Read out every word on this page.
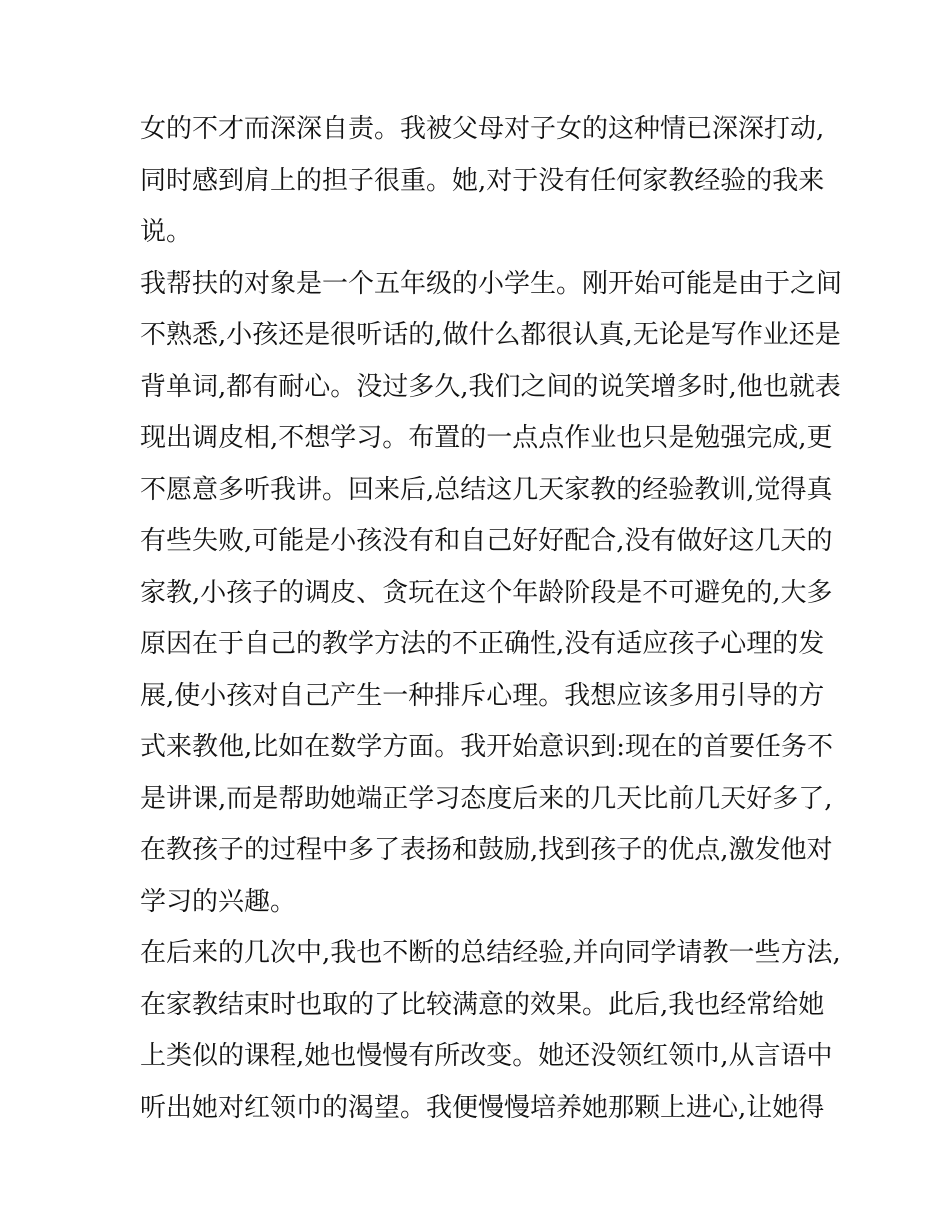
女的不才而深深自责。我被父母对子女的这种情已深深打动,
同时感到肩上的担子很重。她,对于没有任何家教经验的我来
说。
我帮扶的对象是一个五年级的小学生。刚开始可能是由于之间
不熟悉,小孩还是很听话的,做什么都很认真,无论是写作业还是
背单词,都有耐心。没过多久,我们之间的说笑增多时,他也就表
现出调皮相,不想学习。布置的一点点作业也只是勉强完成,更
不愿意多听我讲。回来后,总结这几天家教的经验教训,觉得真
有些失败,可能是小孩没有和自己好好配合,没有做好这几天的
家教,小孩子的调皮、贪玩在这个年龄阶段是不可避免的,大多
原因在于自己的教学方法的不正确性,没有适应孩子心理的发
展,使小孩对自己产生一种排斥心理。我想应该多用引导的方
式来教他,比如在数学方面。我开始意识到:现在的首要任务不
是讲课,而是帮助她端正学习态度后来的几天比前几天好多了,
在教孩子的过程中多了表扬和鼓励,找到孩子的优点,激发他对
学习的兴趣。
在后来的几次中,我也不断的总结经验,并向同学请教一些方法,
在家教结束时也取的了比较满意的效果。此后,我也经常给她
上类似的课程,她也慢慢有所改变。她还没领红领巾,从言语中
听出她对红领巾的渴望。我便慢慢培养她那颗上进心,让她得
